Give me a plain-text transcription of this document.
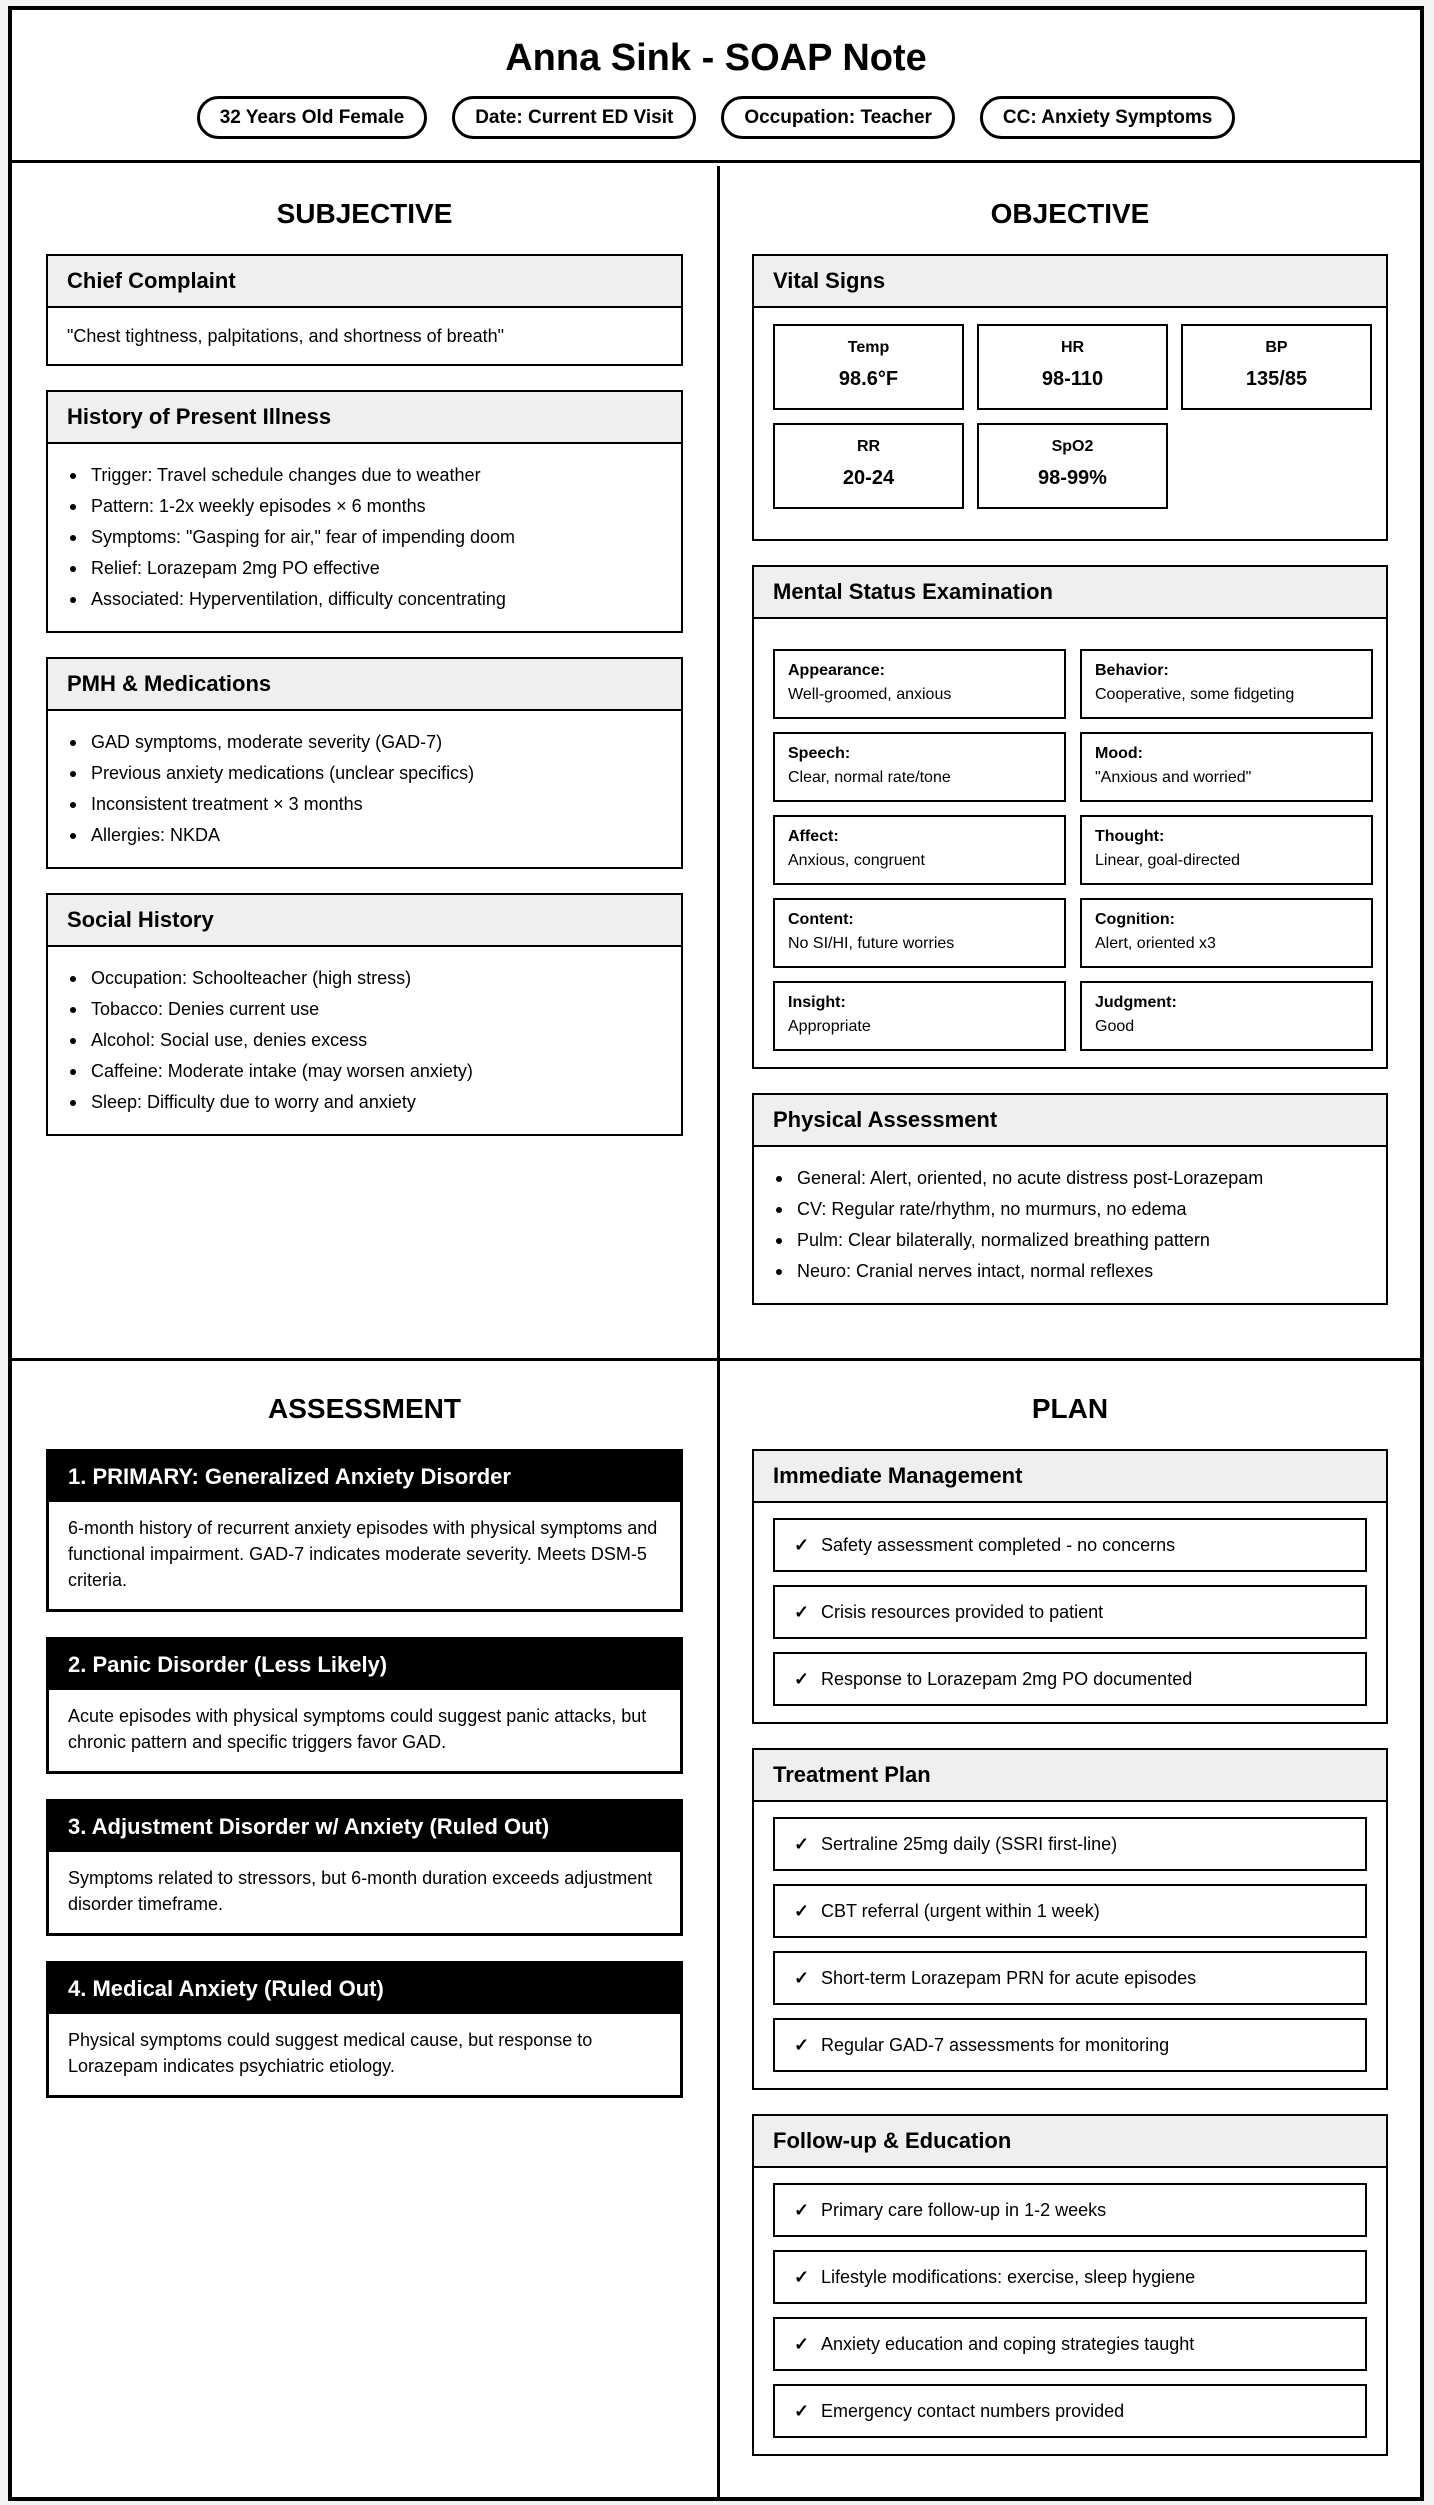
Anna Sink - SOAP Note
32 Years Old Female	Date: Current ED Visit	Occupation: Teacher	CC: Anxiety Symptoms
SUBJECTIVE
Chief Complaint
"Chest tightness, palpitations, and shortness of breath"
History of Present Illness
Trigger: Travel schedule changes due to weather
Pattern: 1-2x weekly episodes × 6 months
Symptoms: "Gasping for air," fear of impending doom
Relief: Lorazepam 2mg PO effective
Associated: Hyperventilation, difficulty concentrating
PMH & Medications
GAD symptoms, moderate severity (GAD-7)
Previous anxiety medications (unclear specifics)
Inconsistent treatment × 3 months
Allergies: NKDA
Social History
Occupation: Schoolteacher (high stress)
Tobacco: Denies current use
Alcohol: Social use, denies excess
Caffeine: Moderate intake (may worsen anxiety)
Sleep: Difficulty due to worry and anxiety
OBJECTIVE
Vital Signs
Temp
98.6°F
HR
98-110
BP
135/85
RR
20-24
SpO2
98-99%
Mental Status Examination
Appearance:
Well-groomed, anxious
Behavior:
Cooperative, some fidgeting
Speech:
Clear, normal rate/tone
Mood:
"Anxious and worried"
Affect:
Anxious, congruent
Thought:
Linear, goal-directed
Content:
No SI/HI, future worries
Cognition:
Alert, oriented x3
Insight:
Appropriate
Judgment:
Good
Physical Assessment
General: Alert, oriented, no acute distress post-Lorazepam
CV: Regular rate/rhythm, no murmurs, no edema
Pulm: Clear bilaterally, normalized breathing pattern
Neuro: Cranial nerves intact, normal reflexes
ASSESSMENT
1. PRIMARY: Generalized Anxiety Disorder
6-month history of recurrent anxiety episodes with physical symptoms and functional impairment. GAD-7 indicates moderate severity. Meets DSM-5 criteria.
2. Panic Disorder (Less Likely)
Acute episodes with physical symptoms could suggest panic attacks, but chronic pattern and specific triggers favor GAD.
3. Adjustment Disorder w/ Anxiety (Ruled Out)
Symptoms related to stressors, but 6-month duration exceeds adjustment disorder timeframe.
4. Medical Anxiety (Ruled Out)
Physical symptoms could suggest medical cause, but response to Lorazepam indicates psychiatric etiology.
PLAN
Immediate Management
✓ Safety assessment completed - no concerns
✓ Crisis resources provided to patient
✓ Response to Lorazepam 2mg PO documented
Treatment Plan
✓ Sertraline 25mg daily (SSRI first-line)
✓ CBT referral (urgent within 1 week)
✓ Short-term Lorazepam PRN for acute episodes
✓ Regular GAD-7 assessments for monitoring
Follow-up & Education
✓ Primary care follow-up in 1-2 weeks
✓ Lifestyle modifications: exercise, sleep hygiene
✓ Anxiety education and coping strategies taught
✓ Emergency contact numbers provided
